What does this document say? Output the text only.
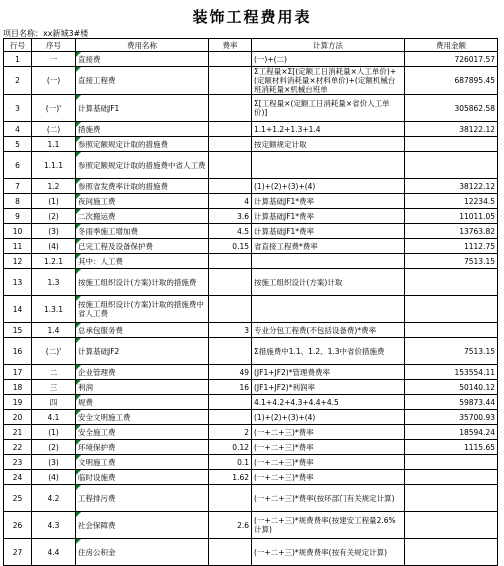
装饰工程费用表
项目名称：xx新城3#楼
行号	序号	费用名称	费率	计算方法	费用金额
1	一	直接费		(一)+(二)	726017.57
2	(一)	直接工程费		Σ工程量×Σ[(定额工日消耗量×人工单价)+(定额材料消耗量×材料单价)+(定额机械台班消耗量×机械台班单	687895.45
3	(一)'	计算基础JF1		Σ[工程量×(定额工日消耗量×省价人工单价)]	305862.58
4	(二)	措施费		1.1+1.2+1.3+1.4	38122.12
5	1.1	参照定额规定计取的措施费		按定额规定计取	
6	1.1.1	参照定额规定计取的措施费中省人工费			
7	1.2	参照省发费率计取的措施费		(1)+(2)+(3)+(4)	38122.12
8	(1)	夜间施工费	4	计算基础JF1*费率	12234.5
9	(2)	二次搬运费	3.6	计算基础JF1*费率	11011.05
10	(3)	冬雨季施工增加费	4.5	计算基础JF1*费率	13763.82
11	(4)	已完工程及设备保护费	0.15	省直接工程费*费率	1112.75
12	1.2.1	其中：人工费			7513.15
13	1.3	按施工组织设计(方案)计取的措施费		按施工组织设计(方案)计取	
14	1.3.1	按施工组织设计(方案)计取的措施费中省人工费			
15	1.4	总承包服务费	3	专业分包工程费(不包括设备费)*费率	
16	(二)'	计算基础JF2		Σ措施费中1.1、1.2、1.3中省价措施费	7513.15
17	二	企业管理费	49	(JF1+JF2)*管理费费率	153554.11
18	三	利润	16	(JF1+JF2)*利润率	50140.12
19	四	规费		4.1+4.2+4.3+4.4+4.5	59873.44
20	4.1	安全文明施工费		(1)+(2)+(3)+(4)	35700.93
21	(1)	安全施工费	2	(一+二+三)*费率	18594.24
22	(2)	环境保护费	0.12	(一+二+三)*费率	1115.65
23	(3)	文明施工费	0.1	(一+二+三)*费率	
24	(4)	临时设施费	1.62	(一+二+三)*费率	
25	4.2	工程排污费		(一+二+三)*费率(按环部门有关规定计算)	
26	4.3	社会保障费	2.6	(一+二+三)*规费费率(按建安工程量2.6%计算)	
27	4.4	住房公积金		(一+二+三)*规费费率(按有关规定计算)	
